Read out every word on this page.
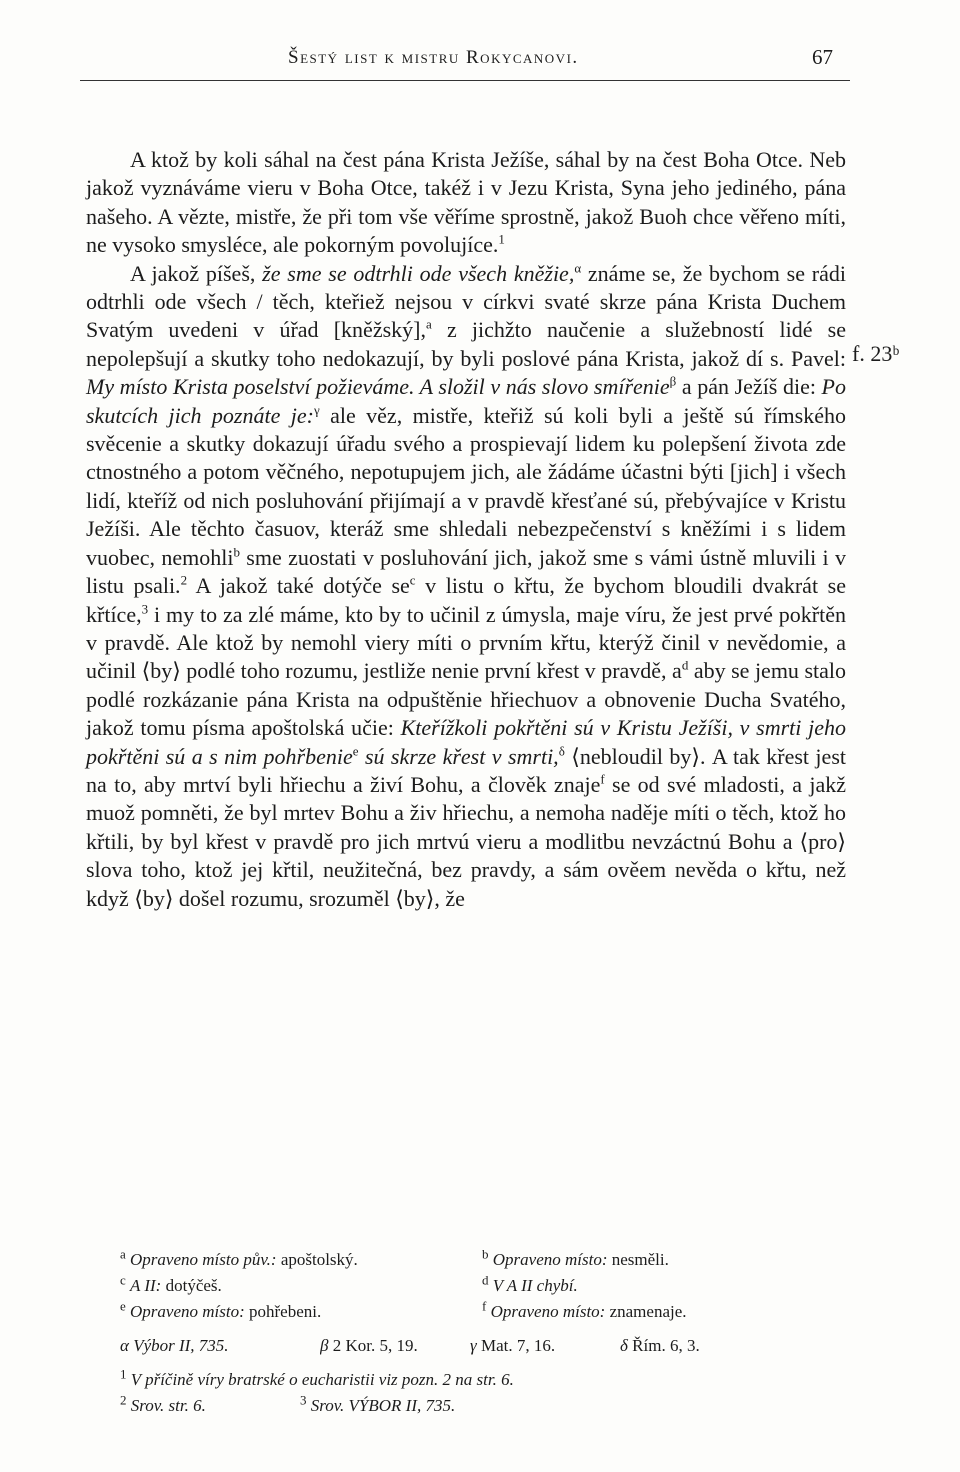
Šestý list k mistru Rokycanovi.	67

A ktož by koli sáhal na čest pána Krista Ježíše, sáhal by na čest Boha Otce. Neb jakož vyznáváme vieru v Boha Otce, takéž i v Jezu Krista, Syna jeho jediného, pána našeho. A vězte, mistře, že při tom vše věříme sprostně, jakož Buoh chce věřeno míti, ne vysoko smysléce, ale pokorným povolujíce.$^1$

A jakož píšeš, že sme se odtrhli ode všech kněžie,$^\alpha$ známe se, že bychom se rádi odtrhli ode všech / těch, kteřiež nejsou v církvi svaté skrze pána Krista Duchem Svatým uvedeni v úřad [kněžský],$^a$ z jichžto naučenie a služebností lidé se nepolepšují a skutky toho nedokazují, by byli poslové pána Krista, jakož dí s. Pavel: My místo Krista poselství požieváme. A složil v nás slovo smířenie$^\beta$ a pán Ježíš die: Po skutcích jich poznáte je:$^\gamma$ ale věz, mistře, kteřiž sú koli byli a ještě sú římského svěcenie a skutky dokazují úřadu svého a prospievají lidem ku polepšení života zde ctnostného a potom věčného, nepotupujem jich, ale žádáme účastni býti [jich] i všech lidí, kteříž od nich posluhování přijímají a v pravdě křesťané sú, přebývajíce v Kristu Ježíši. Ale těchto časuov, kteráž sme shledali nebezpečenství s kněžími i s lidem vuobec, nemohli$^b$ sme zuostati v posluhování jich, jakož sme s vámi ústně mluvili i v listu psali.$^2$ A jakož také dotýče $se^c$ v listu o křtu, že bychom bloudili dvakrát se křtíce,$^3$ i my to za zlé máme, kto by to učinil z úmysla, maje víru, že jest prvé pokřtěn v pravdě. Ale ktož by nemohl viery míti o prvním křtu, kterýž činil v nevědomie, a učinil ⟨by⟩ podlé toho rozumu, jestliže nenie první křest v pravdě, $a^d$ aby se jemu stalo podlé rozkázanie pána Krista na odpuštěnie hřiechuov a obnovenie Ducha Svatého, jakož tomu písma apoštolská učie: Kteřížkoli pokřtěni sú v Kristu Ježíši, v smrti jeho pokřtěni sú a s nim pohřbenie$^e$ sú skrze křest v smrti,$^\delta$ ⟨nebloudil by⟩. A tak křest jest na to, aby mrtví byli hřiechu a živí Bohu, a člověk znaje$^f$ se od své mladosti, a jakž muož pomněti, že byl mrtev Bohu a živ hřiechu, a nemoha naděje míti o těch, ktož ho křtili, by byl křest v pravdě pro jich mrtvú vieru a modlitbu nevzáctnú Bohu a ⟨pro⟩ slova toho, ktož jej křtil, neužitečná, bez pravdy, a sám ověem nevěda o křtu, než když ⟨by⟩ došel rozumu, srozuměl ⟨by⟩, že

f. 23ᵇ
$^a$ Opraveno místo pův.: apoštolský.	$^b$ Opraveno místo: nesměli.
$^c$ A II: dotýčeš.	$^d$ V A II chybí.
$^e$ Opraveno místo: pohřebeni.	$^f$ Opraveno místo: znamenaje.
α Výbor II, 735.	β 2 Kor. 5, 19.	γ Mat. 7, 16.	δ Řím. 6, 3.
$^1$ V příčině víry bratrské o eucharistii viz pozn. 2 na str. 6.
$^2$ Srov. str. 6.	$^3$ Srov. VÝBOR II, 735.
